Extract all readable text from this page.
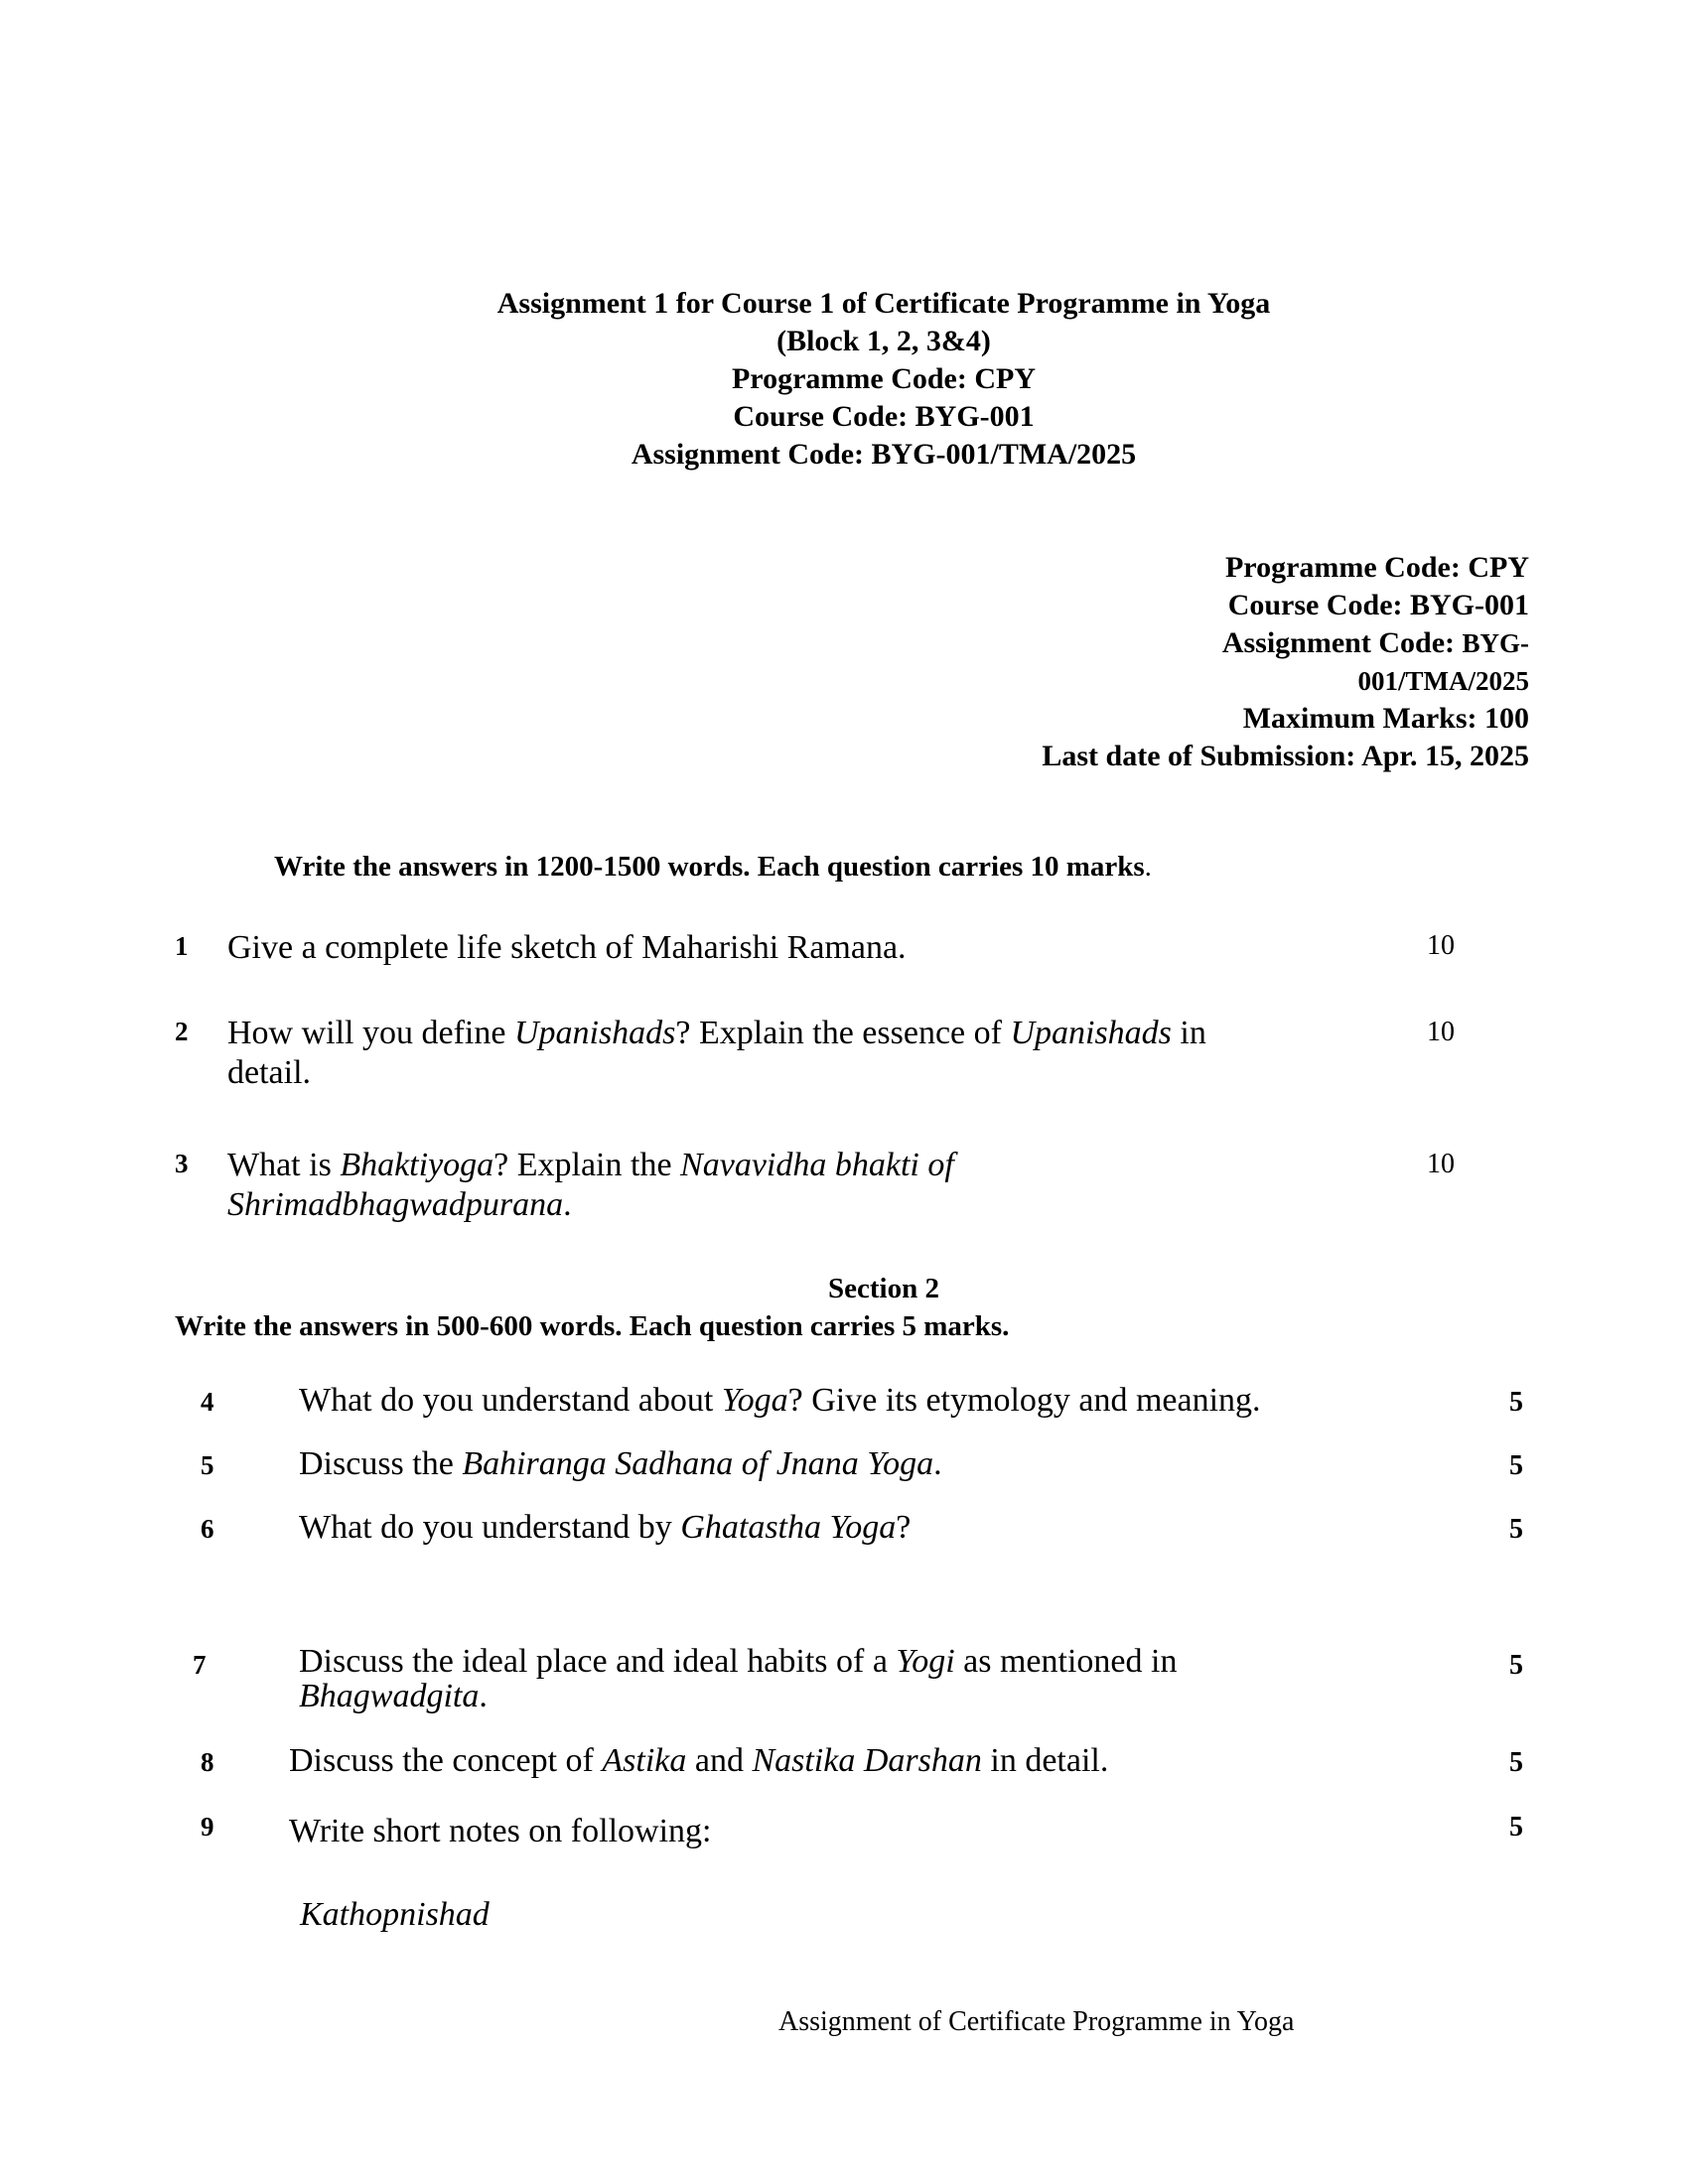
Assignment 1 for Course 1 of Certificate Programme in Yoga
(Block 1, 2, 3&4)
Programme Code: CPY
Course Code: BYG-001
Assignment Code: BYG-001/TMA/2025
Programme Code: CPY
Course Code: BYG-001
Assignment Code: BYG-
001/TMA/2025
Maximum Marks: 100
Last date of Submission: Apr. 15, 2025
Write the answers in 1200-1500 words. Each question carries 10 marks.
1 Give a complete life sketch of Maharishi Ramana.	10
2 How will you define Upanishads? Explain the essence of Upanishads in
detail.
10
3 What is Bhaktiyoga? Explain the Navavidha bhakti of
Shrimadbhagwadpurana.
10
Section 2
Write the answers in 500-600 words. Each question carries 5 marks.
4	What do you understand about Yoga? Give its etymology and meaning.	5
5	Discuss the Bahiranga Sadhana of Jnana Yoga.	5
6	What do you understand by Ghatastha Yoga?	5
7	Discuss the ideal place and ideal habits of a Yogi as mentioned in
Bhagwadgita.
5
8 Discuss the concept of Astika and Nastika Darshan in detail.	5
9 Write short notes on following:	5
Kathopnishad
Assignment of Certificate Programme in Yoga
